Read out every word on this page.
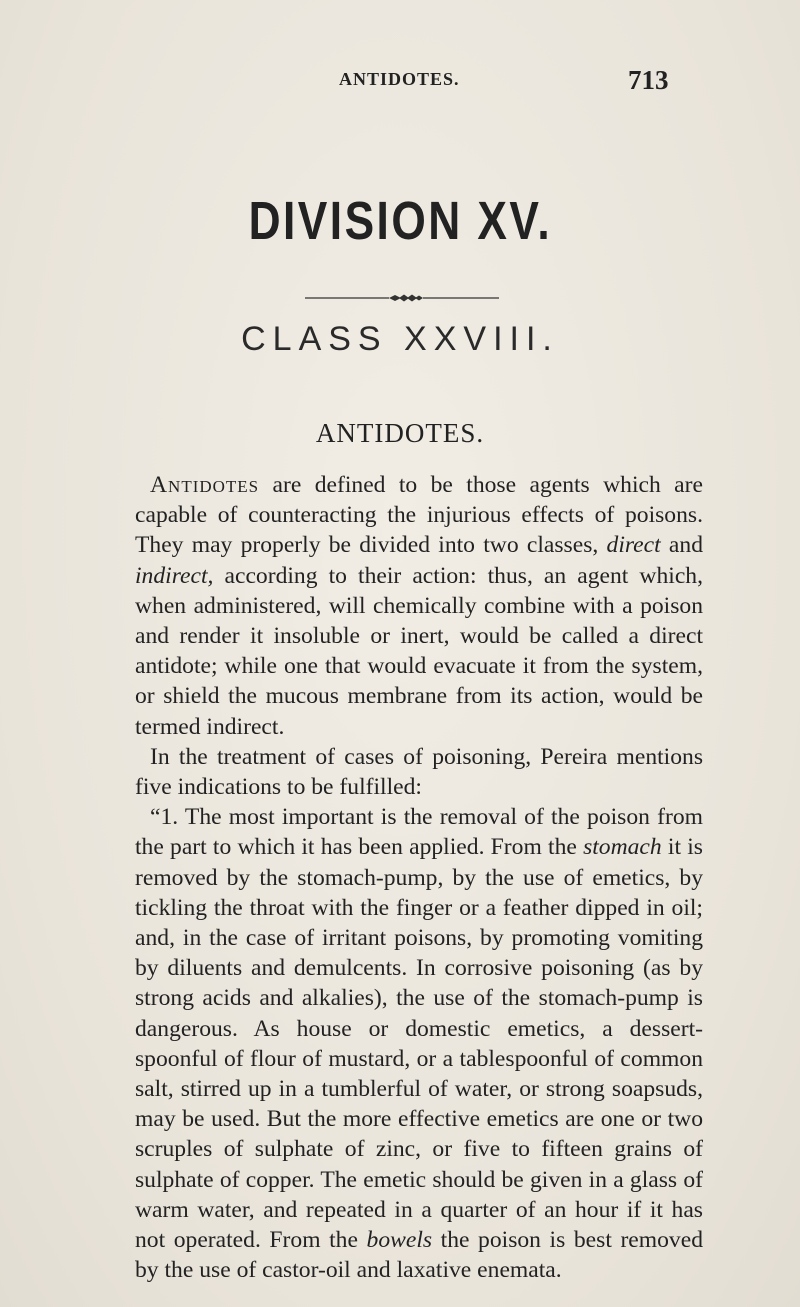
ANTIDOTES.	713
DIVISION XV.
CLASS XXVIII.
ANTIDOTES.

Antidotes are defined to be those agents which are capable of counteracting the injurious effects of poisons. They may properly be divided into two classes, direct and indirect, according to their action: thus, an agent which, when administered, will chemically combine with a poison and render it insoluble or inert, would be called a direct antidote; while one that would evacuate it from the system, or shield the mucous membrane from its action, would be termed indirect.

In the treatment of cases of poisoning, Pereira mentions five indications to be fulfilled:

“1. The most important is the removal of the poison from the part to which it has been applied. From the stomach it is removed by the stomach-pump, by the use of emetics, by tickling the throat with the finger or a feather dipped in oil; and, in the case of irritant poisons, by promoting vomiting by diluents and demulcents. In corrosive poisoning (as by strong acids and alkalies), the use of the stomach-pump is dangerous. As house or domestic emetics, a dessert-spoonful of flour of mustard, or a tablespoonful of common salt, stirred up in a tumblerful of water, or strong soapsuds, may be used. But the more effective emetics are one or two scruples of sulphate of zinc, or five to fifteen grains of sulphate of copper. The emetic should be given in a glass of warm water, and repeated in a quarter of an hour if it has not operated. From the bowels the poison is best removed by the use of castor-oil and laxative enemata.
